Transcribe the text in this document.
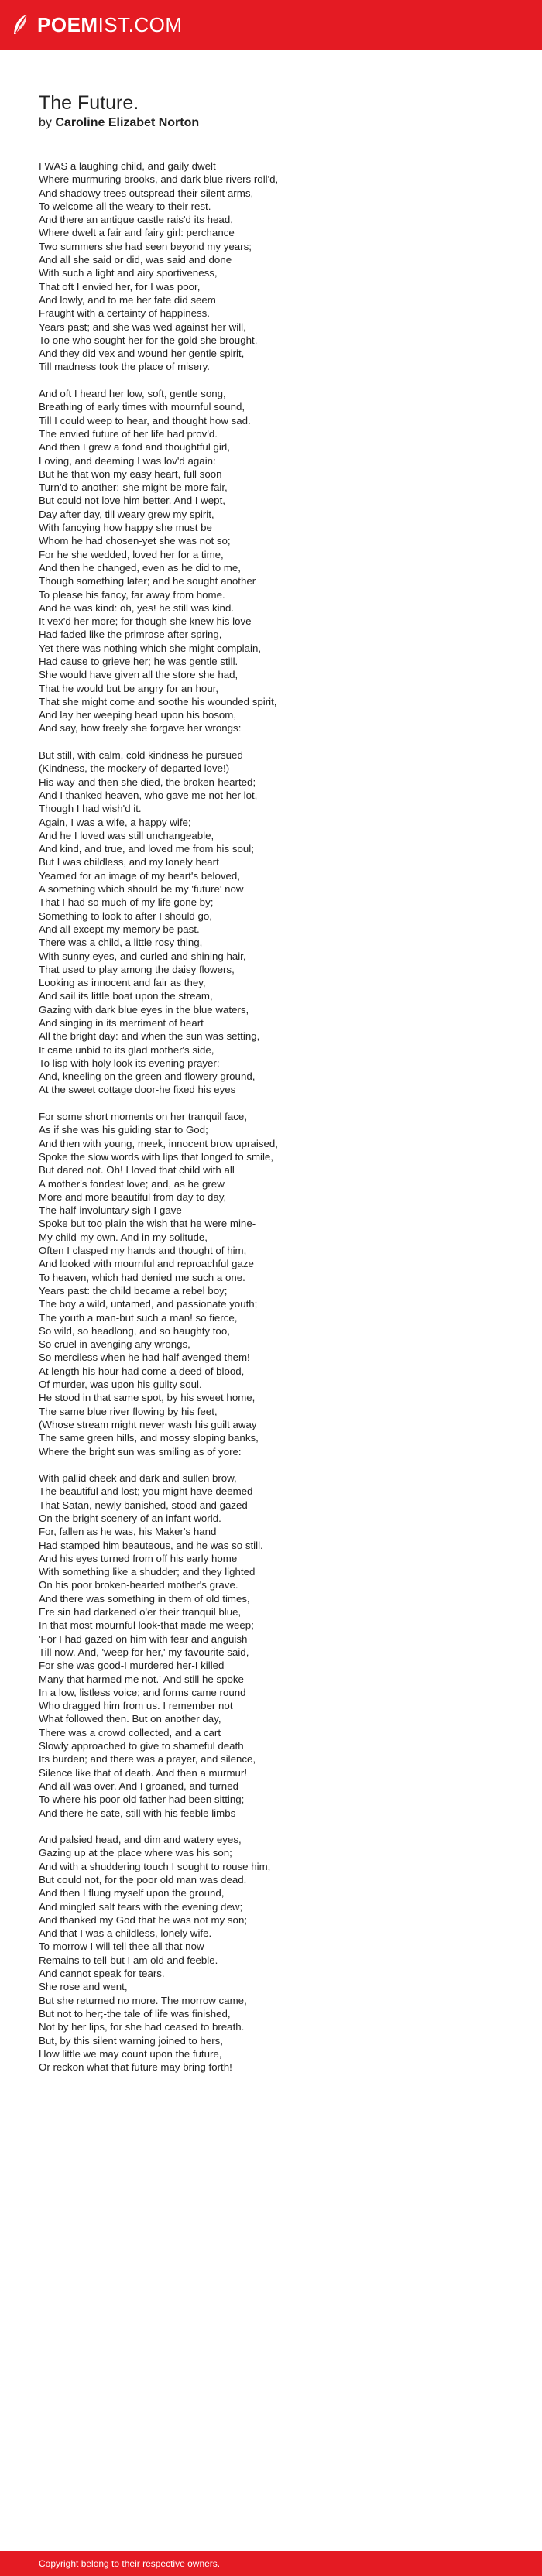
POEMIST.COM
The Future.

by Caroline Elizabet Norton

I WAS a laughing child, and gaily dwelt
Where murmuring brooks, and dark blue rivers roll'd,
And shadowy trees outspread their silent arms,
To welcome all the weary to their rest.
And there an antique castle rais'd its head,
Where dwelt a fair and fairy girl: perchance
Two summers she had seen beyond my years;
And all she said or did, was said and done
With such a light and airy sportiveness,
That oft I envied her, for I was poor,
And lowly, and to me her fate did seem
Fraught with a certainty of happiness.
Years past; and she was wed against her will,
To one who sought her for the gold she brought,
And they did vex and wound her gentle spirit,
Till madness took the place of misery.

And oft I heard her low, soft, gentle song,
Breathing of early times with mournful sound,
Till I could weep to hear, and thought how sad.
The envied future of her life had prov'd.
And then I grew a fond and thoughtful girl,
Loving, and deeming I was lov'd again:
But he that won my easy heart, full soon
Turn'd to another:-she might be more fair,
But could not love him better. And I wept,
Day after day, till weary grew my spirit,
With fancying how happy she must be
Whom he had chosen-yet she was not so;
For he she wedded, loved her for a time,
And then he changed, even as he did to me,
Though something later; and he sought another
To please his fancy, far away from home.
And he was kind: oh, yes! he still was kind.
It vex'd her more; for though she knew his love
Had faded like the primrose after spring,
Yet there was nothing which she might complain,
Had cause to grieve her; he was gentle still.
She would have given all the store she had,
That he would but be angry for an hour,
That she might come and soothe his wounded spirit,
And lay her weeping head upon his bosom,
And say, how freely she forgave her wrongs:

But still, with calm, cold kindness he pursued
(Kindness, the mockery of departed love!)
His way-and then she died, the broken-hearted;
And I thanked heaven, who gave me not her lot,
Though I had wish'd it.
Again, I was a wife, a happy wife;
And he I loved was still unchangeable,
And kind, and true, and loved me from his soul;
But I was childless, and my lonely heart
Yearned for an image of my heart's beloved,
A something which should be my 'future' now
That I had so much of my life gone by;
Something to look to after I should go,
And all except my memory be past.
There was a child, a little rosy thing,
With sunny eyes, and curled and shining hair,
That used to play among the daisy flowers,
Looking as innocent and fair as they,
And sail its little boat upon the stream,
Gazing with dark blue eyes in the blue waters,
And singing in its merriment of heart
All the bright day: and when the sun was setting,
It came unbid to its glad mother's side,
To lisp with holy look its evening prayer:
And, kneeling on the green and flowery ground,
At the sweet cottage door-he fixed his eyes

For some short moments on her tranquil face,
As if she was his guiding star to God;
And then with young, meek, innocent brow upraised,
Spoke the slow words with lips that longed to smile,
But dared not. Oh! I loved that child with all
A mother's fondest love; and, as he grew
More and more beautiful from day to day,
The half-involuntary sigh I gave
Spoke but too plain the wish that he were mine-
My child-my own. And in my solitude,
Often I clasped my hands and thought of him,
And looked with mournful and reproachful gaze
To heaven, which had denied me such a one.
Years past: the child became a rebel boy;
The boy a wild, untamed, and passionate youth;
The youth a man-but such a man! so fierce,
So wild, so headlong, and so haughty too,
So cruel in avenging any wrongs,
So merciless when he had half avenged them!
At length his hour had come-a deed of blood,
Of murder, was upon his guilty soul.
He stood in that same spot, by his sweet home,
The same blue river flowing by his feet,
(Whose stream might never wash his guilt away
The same green hills, and mossy sloping banks,
Where the bright sun was smiling as of yore:

With pallid cheek and dark and sullen brow,
The beautiful and lost; you might have deemed
That Satan, newly banished, stood and gazed
On the bright scenery of an infant world.
For, fallen as he was, his Maker's hand
Had stamped him beauteous, and he was so still.
And his eyes turned from off his early home
With something like a shudder; and they lighted
On his poor broken-hearted mother's grave.
And there was something in them of old times,
Ere sin had darkened o'er their tranquil blue,
In that most mournful look-that made me weep;
'For I had gazed on him with fear and anguish
Till now. And, 'weep for her,' my favourite said,
For she was good-I murdered her-I killed
Many that harmed me not.' And still he spoke
In a low, listless voice; and forms came round
Who dragged him from us. I remember not
What followed then. But on another day,
There was a crowd collected, and a cart
Slowly approached to give to shameful death
Its burden; and there was a prayer, and silence,
Silence like that of death. And then a murmur!
And all was over. And I groaned, and turned
To where his poor old father had been sitting;
And there he sate, still with his feeble limbs

And palsied head, and dim and watery eyes,
Gazing up at the place where was his son;
And with a shuddering touch I sought to rouse him,
But could not, for the poor old man was dead.
And then I flung myself upon the ground,
And mingled salt tears with the evening dew;
And thanked my God that he was not my son;
And that I was a childless, lonely wife.
To-morrow I will tell thee all that now
Remains to tell-but I am old and feeble.
And cannot speak for tears.
She rose and went,
But she returned no more. The morrow came,
But not to her;-the tale of life was finished,
Not by her lips, for she had ceased to breath.
But, by this silent warning joined to hers,
How little we may count upon the future,
Or reckon what that future may bring forth!

Copyright belong to their respective owners.
